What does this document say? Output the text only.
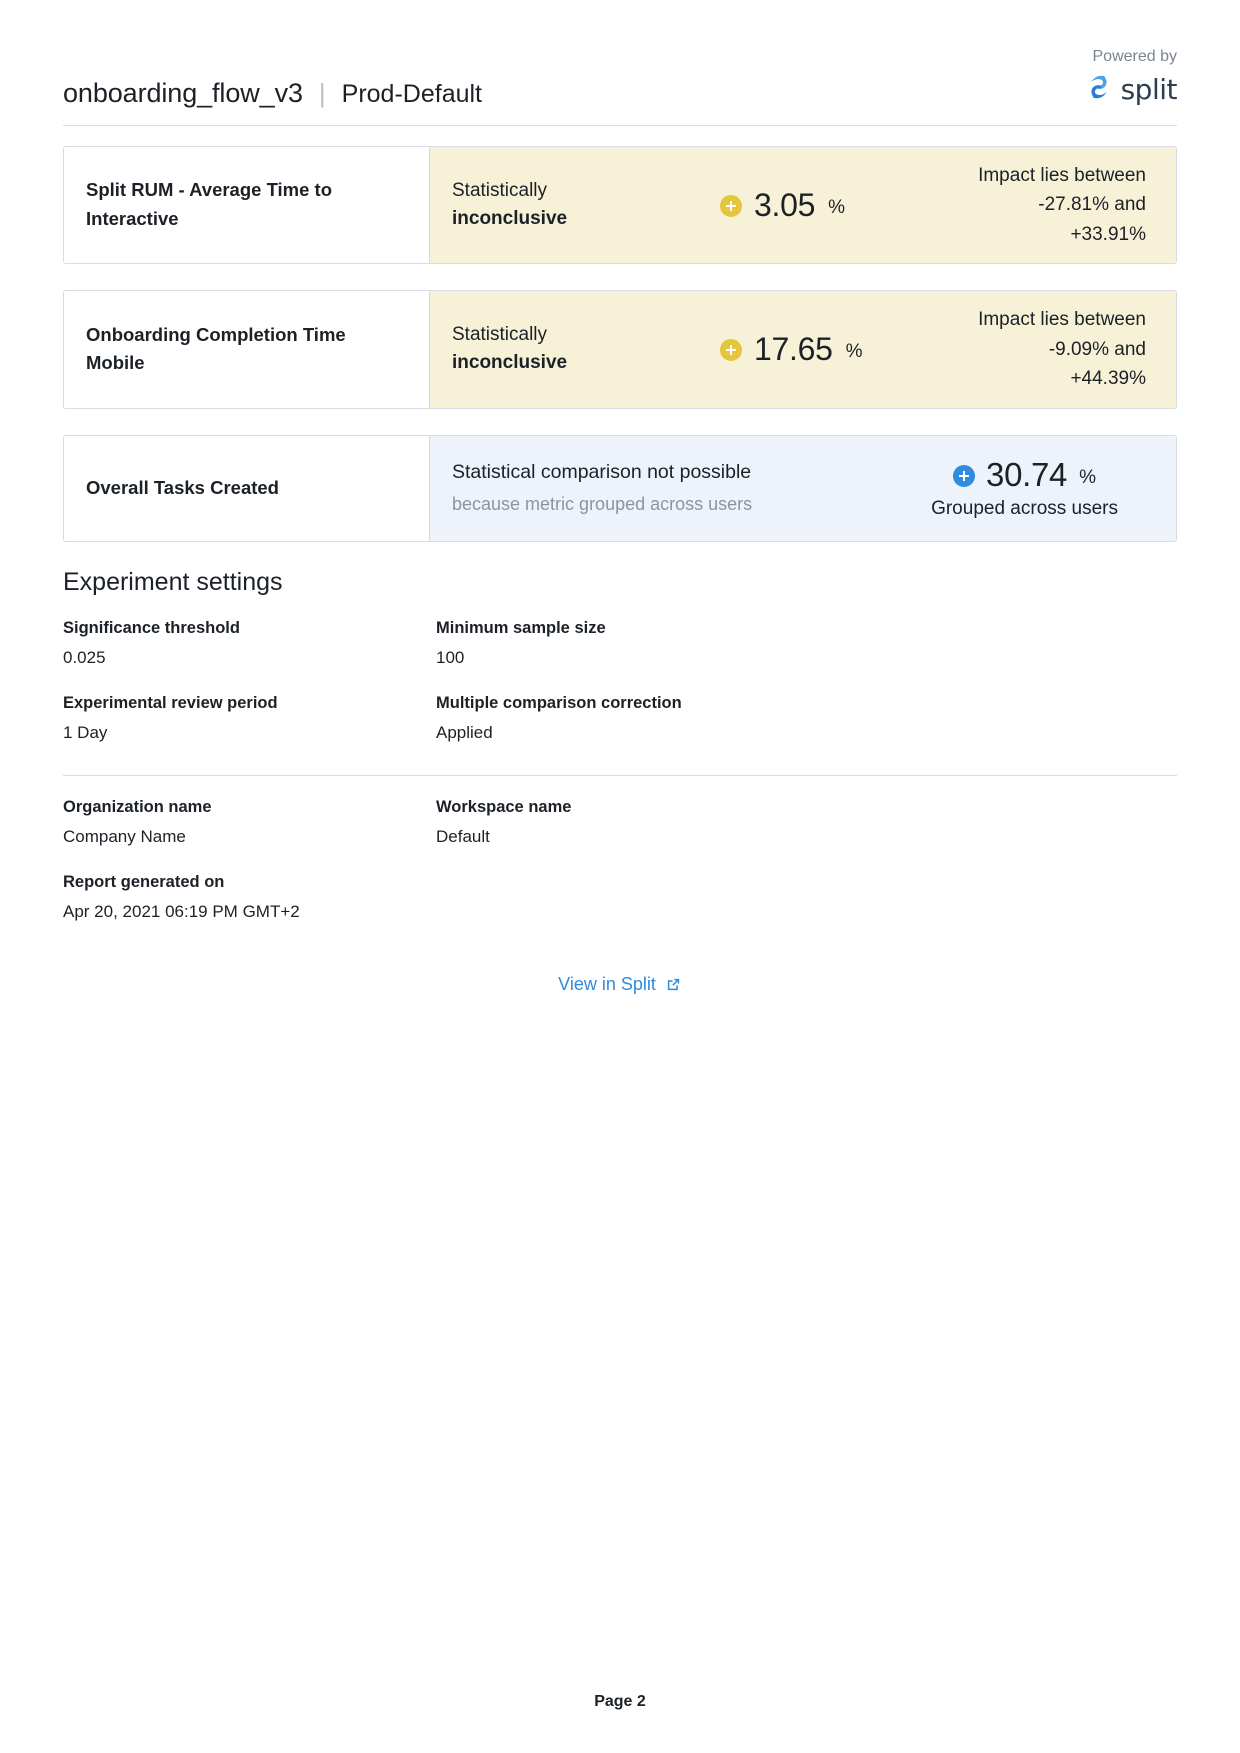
onboarding_flow_v3 | Prod-Default
Powered by
split
Split RUM - Average Time to Interactive
Statistically
inconclusive	3.05 %
Impact lies between
-27.81% and +33.91%
Onboarding Completion Time Mobile
Statistically
inconclusive	17.65 %
Impact lies between
-9.09% and +44.39%
Overall Tasks Created
Statistical comparison not possible
because metric grouped across users
30.74 %
Grouped across users
Experiment settings
Significance threshold
0.025
Minimum sample size
100
Experimental review period
1 Day
Multiple comparison correction
Applied
Organization name
Company Name
Workspace name
Default
Report generated on
Apr 20, 2021 06:19 PM GMT+2
View in Split
Page 2
